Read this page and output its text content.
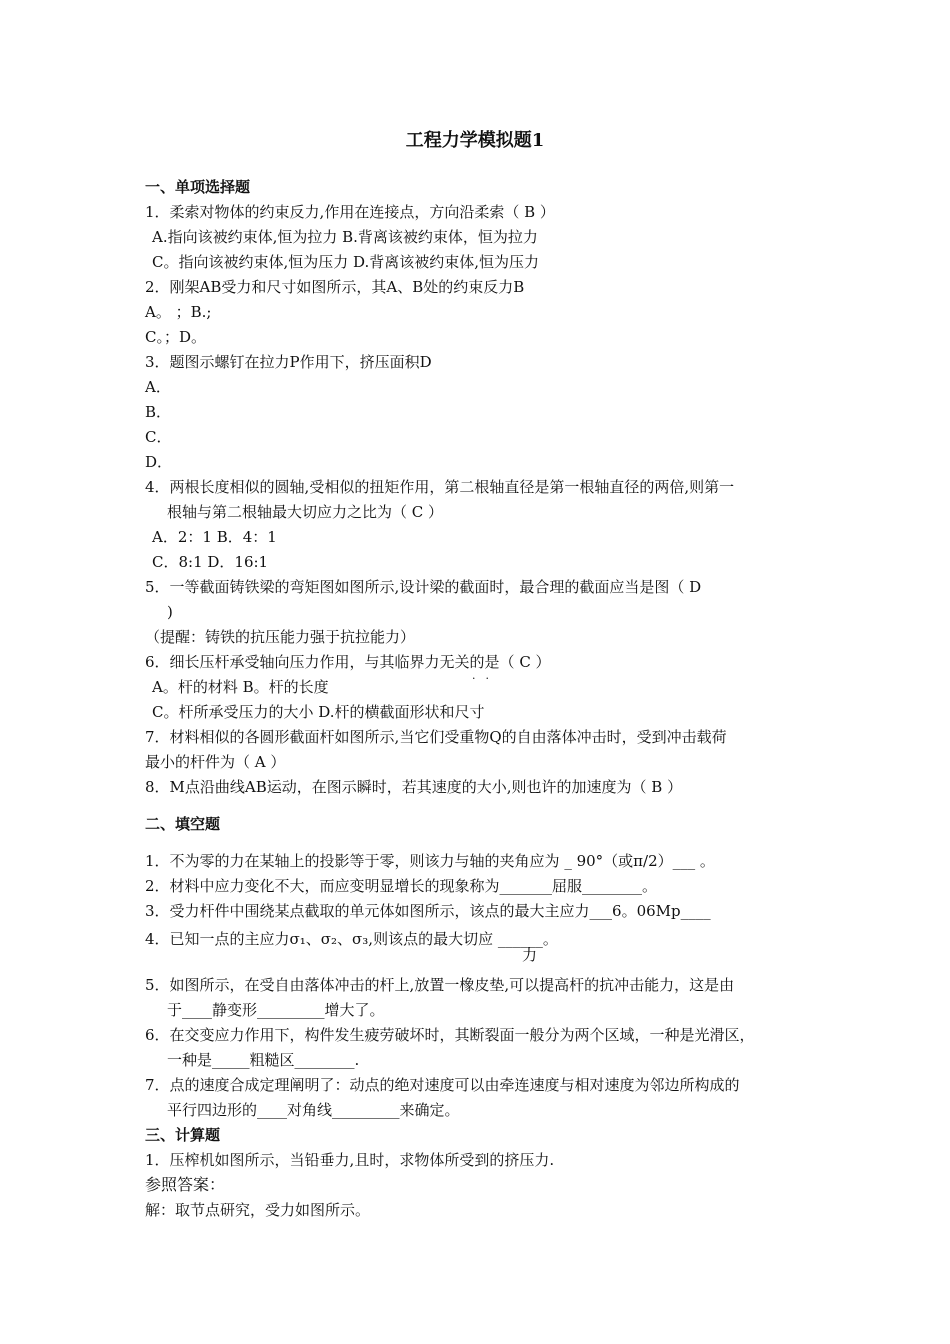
工程力学模拟题1
一、单项选择题
1．柔索对物体的约束反力,作用在连接点，方向沿柔索（ B ）
A.指向该被约束体,恒为拉力 B.背离该被约束体，恒为拉力
C。指向该被约束体,恒为压力 D.背离该被约束体,恒为压力
2．刚架AB受力和尺寸如图所示，其A、B处的约束反力B
A。 ；B.;
C。；D。
3．题图示螺钉在拉力P作用下，挤压面积D
A．
B．
C．
D．
4．两根长度相似的圆轴,受相似的扭矩作用，第二根轴直径是第一根轴直径的两倍,则第一
根轴与第二根轴最大切应力之比为（ C ）
A．2：1 B．4：1
C．8:1 D．16:1
5．一等截面铸铁梁的弯矩图如图所示,设计梁的截面时，最合理的截面应当是图（ D
)
（提醒：铸铁的抗压能力强于抗拉能力）
6．细长压杆承受轴向压力作用，与其临界力无关的是（ C ）
··
A。杆的材料 B。杆的长度
C。杆所承受压力的大小 D.杆的横截面形状和尺寸
7．材料相似的各圆形截面杆如图所示,当它们受重物Q的自由落体冲击时，受到冲击载荷
最小的杆件为（ A ）
8．M点沿曲线AB运动，在图示瞬时，若其速度的大小,则也许的加速度为（ B ）
二、填空题
1．不为零的力在某轴上的投影等于零，则该力与轴的夹角应为 _ 90°（或π/2）___ 。
2．材料中应力变化不大，而应变明显增长的现象称为_______屈服________。
3．受力杆件中围绕某点截取的单元体如图所示，该点的最大主应力___6。06Mp____
4．已知一点的主应力σ₁、σ₂、σ₃,则该点的最大切应 ______。
力
5．如图所示，在受自由落体冲击的杆上,放置一橡皮垫,可以提高杆的抗冲击能力，这是由
于____静变形_________增大了。
6．在交变应力作用下，构件发生疲劳破坏时，其断裂面一般分为两个区域，一种是光滑区，
一种是_____粗糙区________.
7．点的速度合成定理阐明了：动点的绝对速度可以由牵连速度与相对速度为邻边所构成的
平行四边形的____对角线_________来确定。
三、计算题
1．压榨机如图所示，当铅垂力,且时，求物体所受到的挤压力.
参照答案：
解：取节点研究，受力如图所示。
